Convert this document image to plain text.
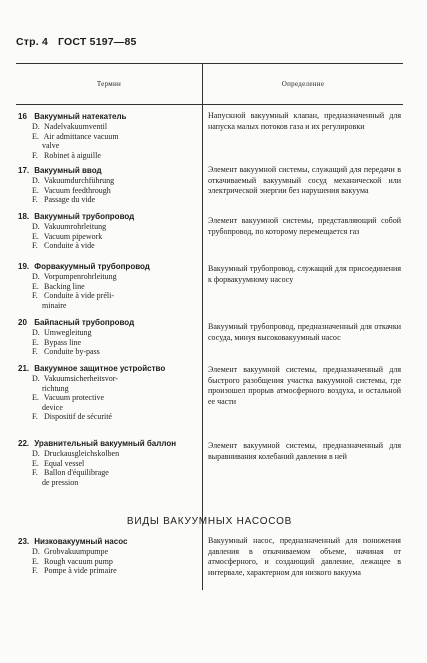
Стр. 4 ГОСТ 5197—85
Термин	Определение
16 Вакуумный натекатель
D. Nadelvakuumventil
E. Air admittance vacuum
valve
F. Robinet à aiguille
Напускной вакуумный клапан, предназначенный для напуска малых потоков газа и их регулировки
17. Вакуумный ввод
D. Vakuumdurchführung
E. Vacuum feedthrough
F. Passage du vide
Элемент вакуумной системы, служащий для передачи в откачиваемый вакуумный сосуд механической или электрической энергии без нарушения вакуума
18. Вакуумный трубопровод
D. Vakuumrohrleitung
E. Vacuum pipework
F. Conduite à vide
Элемент вакуумной системы, представляющий собой трубопровод, по которому перемещается газ
19. Форвакуумный трубопровод
D. Vorpumpenrohrleitung
E. Backing line
F. Conduite à vide préli-
minaire
Вакуумный трубопровод, служащий для присоединения к форвакуумному насосу
20 Байпасный трубопровод
D. Umwegleitung
E. Bypass line
F. Conduite by-pass
Вакуумный трубопровод, предназначенный для откачки сосуда, минуя высоковакуумный насос
21. Вакуумное защитное устройство
D. Vakuumsicherheitsvor-
richtung
E. Vacuum protective
device
F. Dispositif de sécurité
Элемент вакуумной системы, предназначенный для быстрого разобщения участка вакуумной системы, где произошел прорыв атмосферного воздуха, и остальной ее части
22. Уравнительный вакуумный баллон
D. Druckausgleichskolben
E. Equal vessel
F. Ballon d'équilibrage
de pression
Элемент вакуумной системы, предназначенный для выравнивания колебаний давления в ней
ВИДЫ ВАКУУМНЫХ НАСОСОВ
23. Низковакуумный насос
D. Grobvakuumpumpe
E. Rough vacuum pump
F. Pompe à vide primaire
Вакуумный насос, предназначенный для понижения давления в откачиваемом объеме, начиная от атмосферного, и создающий давление, лежащее в интервале, характерном для низкого вакуума
